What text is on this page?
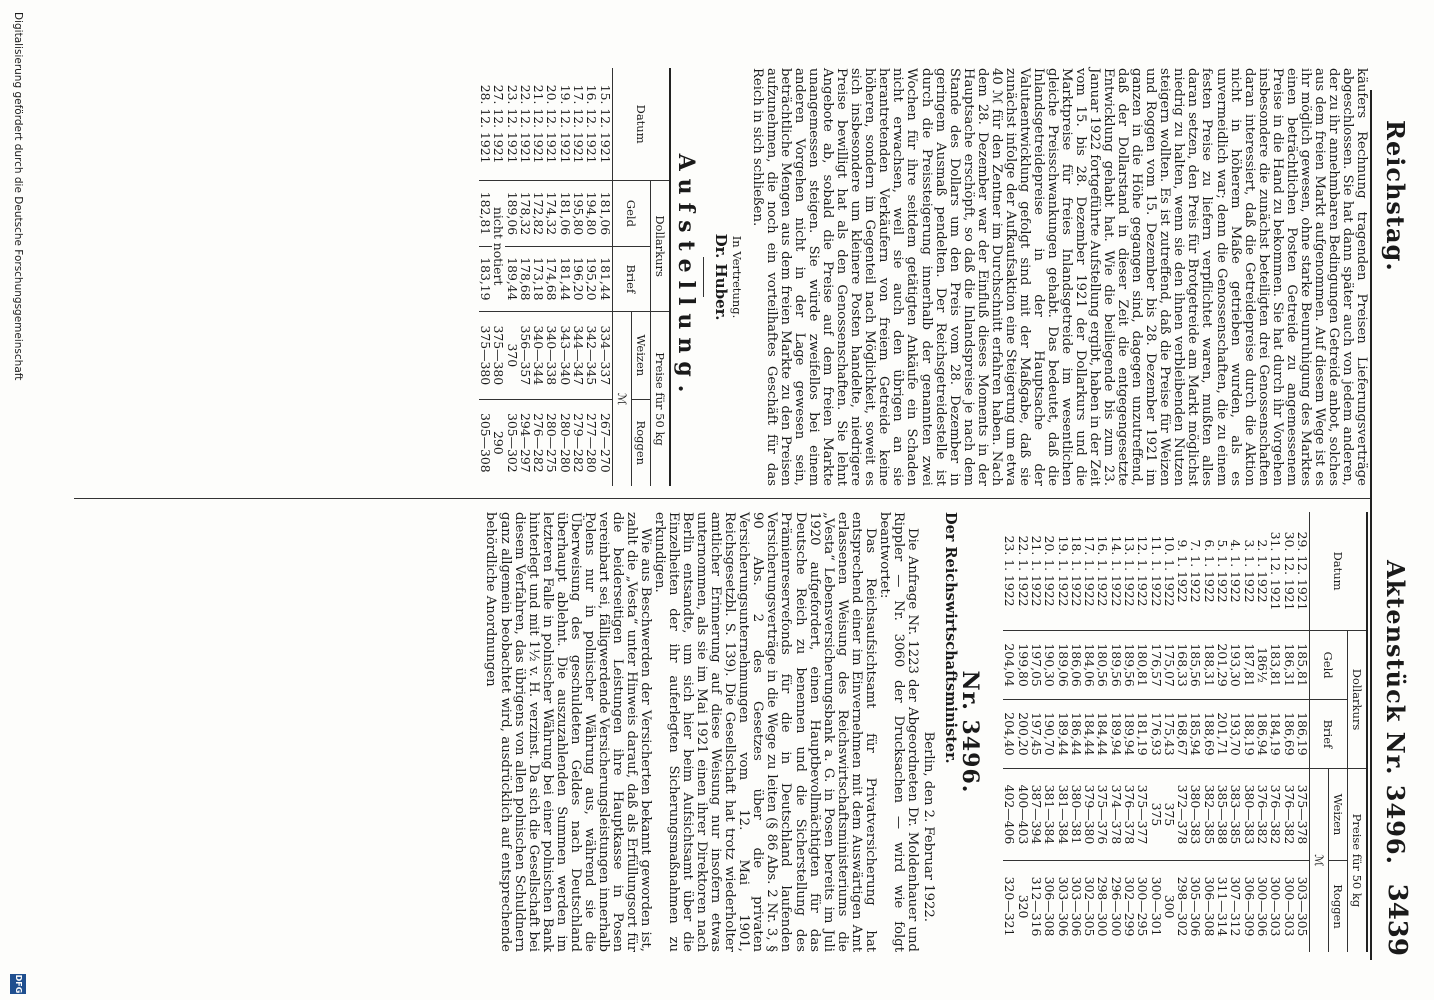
Reichstag.
Aktenstück Nr. 3496.
3439

käufers Rechnung tragenden Preisen Lieferungsverträge abgeschlossen. Sie hat dann später auch von jedem anderen, der zu ihr annehmbaren Bedingungen Getreide anbot, solches aus dem freien Markt aufgenommen. Auf diesem Wege ist es ihr möglich gewesen, ohne starke Beunruhigung des Marktes einen beträchtlichen Posten Getreide zu angemessenem Preise in die Hand zu bekommen. Sie hat durch ihr Vorgehen insbesondere die zunächst beteiligten drei Genossenschaften daran interessiert, daß die Getreidepreise durch die Aktion nicht in höherem Maße getrieben wurden, als es unvermeidlich war; denn die Genossenschaften, die zu einem festen Preise zu liefern verpflichtet waren, mußten alles daran setzen, den Preis für Brotgetreide am Markt möglichst niedrig zu halten, wenn sie den ihnen verbleibenden Nutzen steigern wollten. Es ist zutreffend, daß die Preise für Weizen und Roggen vom 15. Dezember bis 28. Dezember 1921 im ganzen in die Höhe gegangen sind, dagegen unzutreffend, daß der Dollarstand in dieser Zeit die entgegengesetzte Entwicklung gehabt hat. Wie die beiliegende bis zum 23. Januar 1922 fortgeführte Aufstellung ergibt, haben in der Zeit vom 15. bis 28. Dezember 1921 der Dollarkurs und die Marktpreise für freies Inlandsgetreide im wesentlichen gleiche Preisschwankungen gehabt. Das bedeutet, daß die Inlandsgetreidepreise in der Hauptsache der Valutaentwicklung gefolgt sind mit der Maßgabe, daß sie zunächst infolge der Aufkaufsaktion eine Steigerung um etwa 40 ℳ für den Zentner im Durchschnitt erfahren haben. Nach dem 28. Dezember war der Einfluß dieses Moments in der Hauptsache erschöpft, so daß die Inlandspreise je nach dem Stande des Dollars um den Preis vom 28. Dezember in geringem Ausmaß pendelten. Der Reichsgetreidestelle ist durch die Preissteigerung innerhalb der genannten zwei Wochen für ihre seitdem getätigten Ankäufe ein Schaden nicht erwachsen, weil sie auch den übrigen an sie herantretenden Verkäufern von freiem Getreide keine höheren, sondern im Gegenteil nach Möglichkeit, soweit es sich insbesondere um kleinere Posten handelte, niedrigere Preise bewilligt hat als den Genossenschaften. Sie lehnt Angebote ab, sobald die Preise auf dem freien Markte unangemessen steigen. Sie würde zweifellos bei einem anderen Vorgehen nicht in der Lage gewesen sein, beträchtliche Mengen aus dem freien Markte zu den Preisen aufzunehmen, die noch ein vorteilhaftes Geschäft für das Reich in sich schließen.

In Vertretung.
Dr. Huber.
Aufstellung.
Datum	Dollarkurs		Preise für 50 kg	
	Geld	Brief	Weizen	Roggen
			ℳ	
15. 12. 1921	181,06	181,44	334—337	267—270
16. 12. 1921	194,80	195,20	342—345	277—280
17. 12. 1921	195,80	196,20	344—347	279—282
19. 12. 1921	181,06	181,44	343—340	280—280
20. 12. 1921	174,32	174,68	340—338	280—275
21. 12. 1921	172,82	173,18	340—344	276—282
22. 12. 1921	178,32	178,68	356—357	294—297
23. 12. 1921	189,06	189,44	370	305—302
27. 12. 1921	nicht notiert		375—380	290
28. 12. 1921	182,81	183,19	375—380	305—308
Datum	Dollarkurs		Preise für 50 kg	
	Geld	Brief	Weizen	Roggen
			ℳ	
29. 12. 1921	185,81	186,19	375—378	303—305
30. 12. 1921	186,31	186,69	376—382	300—303
31. 12. 1921	183,81	184,19	376—382	300—303
2. 1. 1922	186½	186,94	376—382	300—306
3. 1. 1922	187,81	188,19	380—383	306—309
4. 1. 1922	193,30	193,70	383—385	307—312
5. 1. 1922	201,29	201,71	385—388	311—314
6. 1. 1922	188,31	188,69	382—385	306—308
7. 1. 1922	185,56	185,94	380—383	305—306
9. 1. 1922	168,33	168,67	372—378	298—302
10. 1. 1922	175,07	175,43	375	300
11. 1. 1922	176,57	176,93	375	300—301
12. 1. 1922	180,81	181,19	375—377	300—295
13. 1. 1922	189,56	189,94	376—378	302—299
14. 1. 1922	189,56	189,94	374—378	296—300
16. 1. 1922	180,56	184,44	375—376	298—300
17. 1. 1922	184,06	184,44	379—380	302—305
18. 1. 1922	186,06	186,44	380—381	303—306
19. 1. 1922	189,06	189,44	381—384	303—306
20. 1. 1922	190,30	190,70	381—384	306—308
21. 1. 1922	197,05	197,45	387—394	312—316
22. 1. 1922	199,80	200,20	400—403	320
23. 1. 1922	204,04	204,40	402—406	320—321
Nr. 3496.
Der Reichswirtschaftsminister.
Berlin, den 2. Februar 1922.

Die Anfrage Nr. 1223 der Abgeordneten Dr. Moldenhauer und Rippler — Nr. 3060 der Drucksachen — wird wie folgt beantwortet:

Das Reichsaufsichtsamt für Privatversicherung hat entsprechend einer im Einvernehmen mit dem Auswärtigen Amt erlassenen Weisung des Reichswirtschaftsministeriums die „Vesta“ Lebensversicherungsbank a. G. in Posen bereits im Juli 1920 aufgefordert, einen Hauptbevollmächtigten für das Deutsche Reich zu benennen und die Sicherstellung des Prämienreservefonds für die in Deutschland laufenden Versicherungsverträge in die Wege zu leiten (§ 86 Abs. 2 Nr. 3, § 90 Abs. 2 des Gesetzes über die privaten Versicherungsunternehmungen vom 12. Mai 1901, Reichsgesetzbl. S. 139). Die Gesellschaft hat trotz wiederholter amtlicher Erinnerung auf diese Weisung nur insofern etwas unternommen, als sie im Mai 1921 einen ihrer Direktoren nach Berlin entsandte, um sich hier beim Aufsichtsamt über die Einzelheiten der ihr auferlegten Sicherungsmaßnahmen zu erkundigen.

Wie aus Beschwerden der Versicherten bekannt geworden ist, zahlt die „Vesta“ unter Hinweis darauf, daß als Erfüllungsort für die beiderseitigen Leistungen ihre Hauptkasse in Posen vereinbart sei, fälligwerdende Versicherungsleistungen innerhalb Polens nur in polnischer Währung aus, während sie die Überweisung des geschuldeten Geldes nach Deutschland überhaupt ablehnt. Die auszuzahlenden Summen werden im letzteren Falle in polnischer Währung bei einer polnischen Bank hinterlegt und mit 1½ v. H. verzinst. Da sich die Gesellschaft bei diesem Verfahren, das übrigens von allen polnischen Schuldnern ganz allgemein beobachtet wird, ausdrücklich auf entsprechende behördliche Anordnungen

Digitalisierung gefördert durch die Deutsche Forschungsgemeinschaft
DFG
